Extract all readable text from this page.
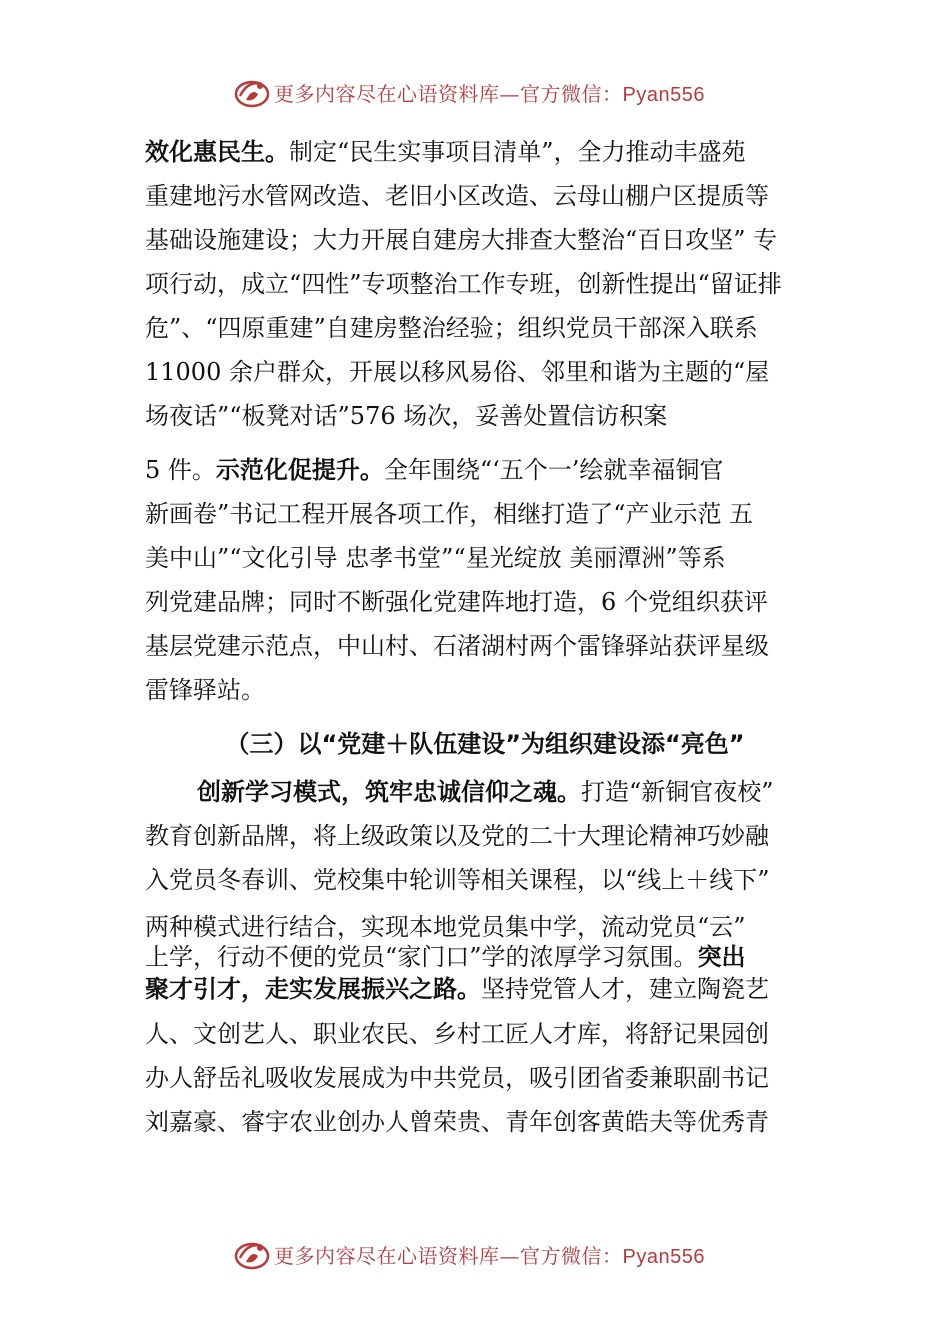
更多内容尽在心语资料库—官方微信：Pyan556
效化惠民生。制定“民生实事项目清单”，全力推动丰盛苑
重建地污水管网改造、老旧小区改造、云母山棚户区提质等
基础设施建设；大力开展自建房大排查大整治“百日攻坚” 专
项行动，成立“四性”专项整治工作专班，创新性提出“留证排
危”、“四原重建”自建房整治经验；组织党员干部深入联系
11000 余户群众，开展以移风易俗、邻里和谐为主题的“屋
场夜话”“板凳对话”576 场次，妥善处置信访积案
5 件。示范化促提升。全年围绕“‘五个一’绘就幸福铜官
新画卷”书记工程开展各项工作，相继打造了“产业示范 五
美中山”“文化引导 忠孝书堂”“星光绽放 美丽潭洲”等系
列党建品牌；同时不断强化党建阵地打造，6 个党组织获评
基层党建示范点，中山村、石渚湖村两个雷锋驿站获评星级
雷锋驿站。
（三）以“党建＋队伍建设”为组织建设添“亮色”
创新学习模式，筑牢忠诚信仰之魂。打造“新铜官夜校”
教育创新品牌，将上级政策以及党的二十大理论精神巧妙融
入党员冬春训、党校集中轮训等相关课程，以“线上＋线下”
两种模式进行结合，实现本地党员集中学，流动党员“云”
上学，行动不便的党员“家门口”学的浓厚学习氛围。突出
聚才引才，走实发展振兴之路。坚持党管人才，建立陶瓷艺
人、文创艺人、职业农民、乡村工匠人才库，将舒记果园创
办人舒岳礼吸收发展成为中共党员，吸引团省委兼职副书记
刘嘉豪、睿宇农业创办人曾荣贵、青年创客黄皓夫等优秀青
更多内容尽在心语资料库—官方微信：Pyan556
